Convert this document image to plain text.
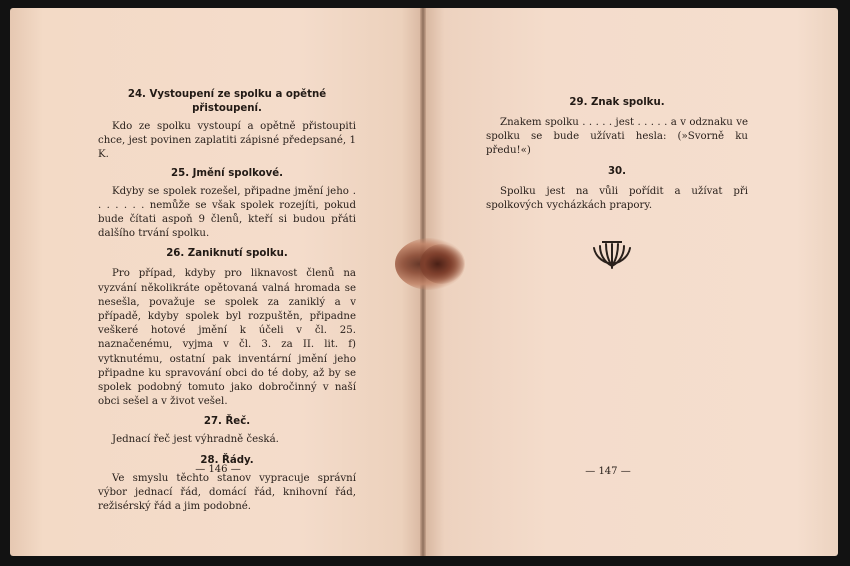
24. Vystoupení ze spolku a opětné přistoupení.

Kdo ze spolku vystoupí a opětně přistoupiti chce, jest povinen zaplatiti zápisné předepsané, 1 K.

25. Jmění spolkové.

Kdyby se spolek rozešel, připadne jmění jeho . . . . . . . nemůže se však spolek rozejíti, pokud bude čítati aspoň 9 členů, kteří si budou přáti dalšího trvání spolku.

26. Zaniknutí spolku.

Pro případ, kdyby pro liknavost členů na vyzvání několikráte opětovaná valná hromada se nesešla, považuje se spolek za zaniklý a v případě, kdyby spolek byl rozpuštěn, připadne veškeré hotové jmění k účeli v čl. 25. naznačenému, vyjma v čl. 3. za II. lit. f) vytknutému, ostatní pak inventární jmění jeho připadne ku spravování obci do té doby, až by se spolek podobný tomuto jako dobročinný v naší obci sešel a v život vešel.

27. Řeč.

Jednací řeč jest výhradně česká.

28. Řády.

Ve smyslu těchto stanov vypracuje správní výbor jednací řád, domácí řád, knihovní řád, režisérský řád a jim podobné.

— 146 —
29. Znak spolku.

Znakem spolku . . . . . jest . . . . . a v odznaku ve spolku se bude užívati hesla: (»Svorně ku předu!«)

30.

Spolku jest na vůli pořídit a užívat při spolkových vycházkách prapory.

— 147 —
